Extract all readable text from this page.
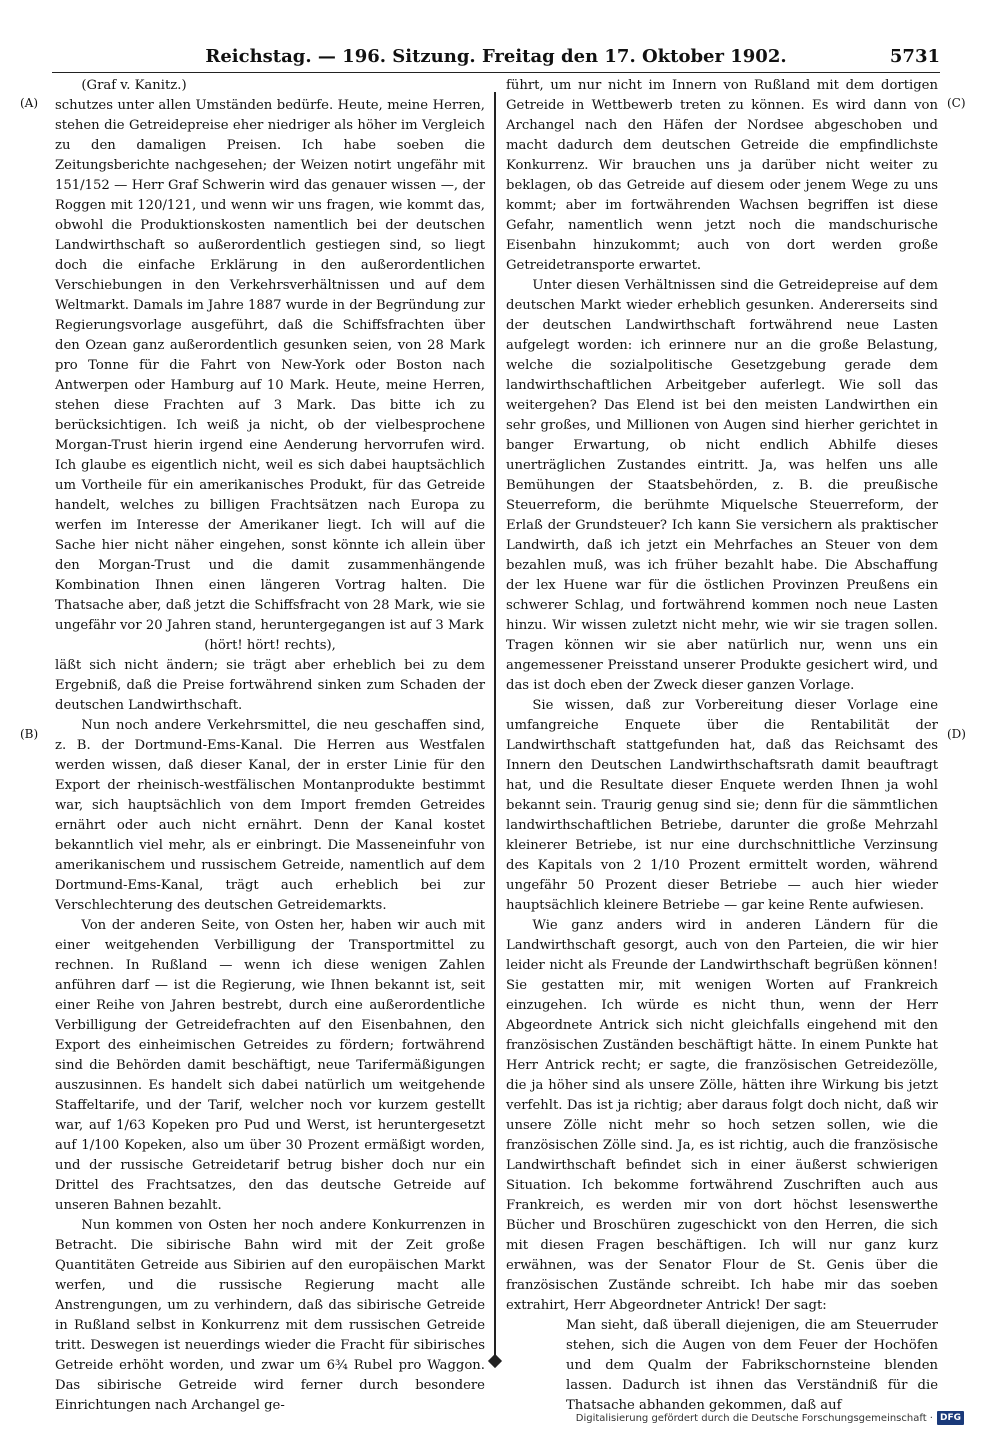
Reichstag. — 196. Sitzung. Freitag den 17. Oktober 1902.	5731
(A)
(B)
(C)
(D)

(Graf v. Kanitz.)

schutzes unter allen Umständen bedürfe. Heute, meine Herren, stehen die Getreidepreise eher niedriger als höher im Vergleich zu den damaligen Preisen. Ich habe soeben die Zeitungsberichte nachgesehen; der Weizen notirt ungefähr mit 151/152 — Herr Graf Schwerin wird das genauer wissen —, der Roggen mit 120/121, und wenn wir uns fragen, wie kommt das, obwohl die Produktionskosten namentlich bei der deutschen Landwirthschaft so außerordentlich gestiegen sind, so liegt doch die einfache Erklärung in den außerordentlichen Verschiebungen in den Verkehrsverhältnissen und auf dem Weltmarkt. Damals im Jahre 1887 wurde in der Begründung zur Regierungsvorlage ausgeführt, daß die Schiffsfrachten über den Ozean ganz außerordentlich gesunken seien, von 28 Mark pro Tonne für die Fahrt von New-York oder Boston nach Antwerpen oder Hamburg auf 10 Mark. Heute, meine Herren, stehen diese Frachten auf 3 Mark. Das bitte ich zu berücksichtigen. Ich weiß ja nicht, ob der vielbesprochene Morgan-Trust hierin irgend eine Aenderung hervorrufen wird. Ich glaube es eigentlich nicht, weil es sich dabei hauptsächlich um Vortheile für ein amerikanisches Produkt, für das Getreide handelt, welches zu billigen Frachtsätzen nach Europa zu werfen im Interesse der Amerikaner liegt. Ich will auf die Sache hier nicht näher eingehen, sonst könnte ich allein über den Morgan-Trust und die damit zusammenhängende Kombination Ihnen einen längeren Vortrag halten. Die Thatsache aber, daß jetzt die Schiffsfracht von 28 Mark, wie sie ungefähr vor 20 Jahren stand, heruntergegangen ist auf 3 Mark

(hört! hört! rechts),

läßt sich nicht ändern; sie trägt aber erheblich bei zu dem Ergebniß, daß die Preise fortwährend sinken zum Schaden der deutschen Landwirthschaft.

Nun noch andere Verkehrsmittel, die neu geschaffen sind, z. B. der Dortmund-Ems-Kanal. Die Herren aus Westfalen werden wissen, daß dieser Kanal, der in erster Linie für den Export der rheinisch-westfälischen Montanprodukte bestimmt war, sich hauptsächlich von dem Import fremden Getreides ernährt oder auch nicht ernährt. Denn der Kanal kostet bekanntlich viel mehr, als er einbringt. Die Masseneinfuhr von amerikanischem und russischem Getreide, namentlich auf dem Dortmund-Ems-Kanal, trägt auch erheblich bei zur Verschlechterung des deutschen Getreidemarkts.

Von der anderen Seite, von Osten her, haben wir auch mit einer weitgehenden Verbilligung der Transportmittel zu rechnen. In Rußland — wenn ich diese wenigen Zahlen anführen darf — ist die Regierung, wie Ihnen bekannt ist, seit einer Reihe von Jahren bestrebt, durch eine außerordentliche Verbilligung der Getreidefrachten auf den Eisenbahnen, den Export des einheimischen Getreides zu fördern; fortwährend sind die Behörden damit beschäftigt, neue Tarifermäßigungen auszusinnen. Es handelt sich dabei natürlich um weitgehende Staffeltarife, und der Tarif, welcher noch vor kurzem gestellt war, auf 1/63 Kopeken pro Pud und Werst, ist heruntergesetzt auf 1/100 Kopeken, also um über 30 Prozent ermäßigt worden, und der russische Getreidetarif betrug bisher doch nur ein Drittel des Frachtsatzes, den das deutsche Getreide auf unseren Bahnen bezahlt.

Nun kommen von Osten her noch andere Konkurrenzen in Betracht. Die sibirische Bahn wird mit der Zeit große Quantitäten Getreide aus Sibirien auf den europäischen Markt werfen, und die russische Regierung macht alle Anstrengungen, um zu verhindern, daß das sibirische Getreide in Rußland selbst in Konkurrenz mit dem russischen Getreide tritt. Deswegen ist neuerdings wieder die Fracht für sibirisches Getreide erhöht worden, und zwar um 6¾ Rubel pro Waggon. Das sibirische Getreide wird ferner durch besondere Einrichtungen nach Archangel ge-

führt, um nur nicht im Innern von Rußland mit dem dortigen Getreide in Wettbewerb treten zu können. Es wird dann von Archangel nach den Häfen der Nordsee abgeschoben und macht dadurch dem deutschen Getreide die empfindlichste Konkurrenz. Wir brauchen uns ja darüber nicht weiter zu beklagen, ob das Getreide auf diesem oder jenem Wege zu uns kommt; aber im fortwährenden Wachsen begriffen ist diese Gefahr, namentlich wenn jetzt noch die mandschurische Eisenbahn hinzukommt; auch von dort werden große Getreidetransporte erwartet.

Unter diesen Verhältnissen sind die Getreidepreise auf dem deutschen Markt wieder erheblich gesunken. Andererseits sind der deutschen Landwirthschaft fortwährend neue Lasten aufgelegt worden: ich erinnere nur an die große Belastung, welche die sozialpolitische Gesetzgebung gerade dem landwirthschaftlichen Arbeitgeber auferlegt. Wie soll das weitergehen? Das Elend ist bei den meisten Landwirthen ein sehr großes, und Millionen von Augen sind hierher gerichtet in banger Erwartung, ob nicht endlich Abhilfe dieses unerträglichen Zustandes eintritt. Ja, was helfen uns alle Bemühungen der Staatsbehörden, z. B. die preußische Steuerreform, die berühmte Miquelsche Steuerreform, der Erlaß der Grundsteuer? Ich kann Sie versichern als praktischer Landwirth, daß ich jetzt ein Mehrfaches an Steuer von dem bezahlen muß, was ich früher bezahlt habe. Die Abschaffung der lex Huene war für die östlichen Provinzen Preußens ein schwerer Schlag, und fortwährend kommen noch neue Lasten hinzu. Wir wissen zuletzt nicht mehr, wie wir sie tragen sollen. Tragen können wir sie aber natürlich nur, wenn uns ein angemessener Preisstand unserer Produkte gesichert wird, und das ist doch eben der Zweck dieser ganzen Vorlage.

Sie wissen, daß zur Vorbereitung dieser Vorlage eine umfangreiche Enquete über die Rentabilität der Landwirthschaft stattgefunden hat, daß das Reichsamt des Innern den Deutschen Landwirthschaftsrath damit beauftragt hat, und die Resultate dieser Enquete werden Ihnen ja wohl bekannt sein. Traurig genug sind sie; denn für die sämmtlichen landwirthschaftlichen Betriebe, darunter die große Mehrzahl kleinerer Betriebe, ist nur eine durchschnittliche Verzinsung des Kapitals von 2 1/10 Prozent ermittelt worden, während ungefähr 50 Prozent dieser Betriebe — auch hier wieder hauptsächlich kleinere Betriebe — gar keine Rente aufwiesen.

Wie ganz anders wird in anderen Ländern für die Landwirthschaft gesorgt, auch von den Parteien, die wir hier leider nicht als Freunde der Landwirthschaft begrüßen können! Sie gestatten mir, mit wenigen Worten auf Frankreich einzugehen. Ich würde es nicht thun, wenn der Herr Abgeordnete Antrick sich nicht gleichfalls eingehend mit den französischen Zuständen beschäftigt hätte. In einem Punkte hat Herr Antrick recht; er sagte, die französischen Getreidezölle, die ja höher sind als unsere Zölle, hätten ihre Wirkung bis jetzt verfehlt. Das ist ja richtig; aber daraus folgt doch nicht, daß wir unsere Zölle nicht mehr so hoch setzen sollen, wie die französischen Zölle sind. Ja, es ist richtig, auch die französische Landwirthschaft befindet sich in einer äußerst schwierigen Situation. Ich bekomme fortwährend Zuschriften auch aus Frankreich, es werden mir von dort höchst lesenswerthe Bücher und Broschüren zugeschickt von den Herren, die sich mit diesen Fragen beschäftigen. Ich will nur ganz kurz erwähnen, was der Senator Flour de St. Genis über die französischen Zustände schreibt. Ich habe mir das soeben extrahirt, Herr Abgeordneter Antrick! Der sagt:

Man sieht, daß überall diejenigen, die am Steuerruder stehen, sich die Augen von dem Feuer der Hochöfen und dem Qualm der Fabrikschornsteine blenden lassen. Dadurch ist ihnen das Verständniß für die Thatsache abhanden gekommen, daß auf

Digitalisierung gefördert durch die Deutsche Forschungsgemeinschaft · DFG
